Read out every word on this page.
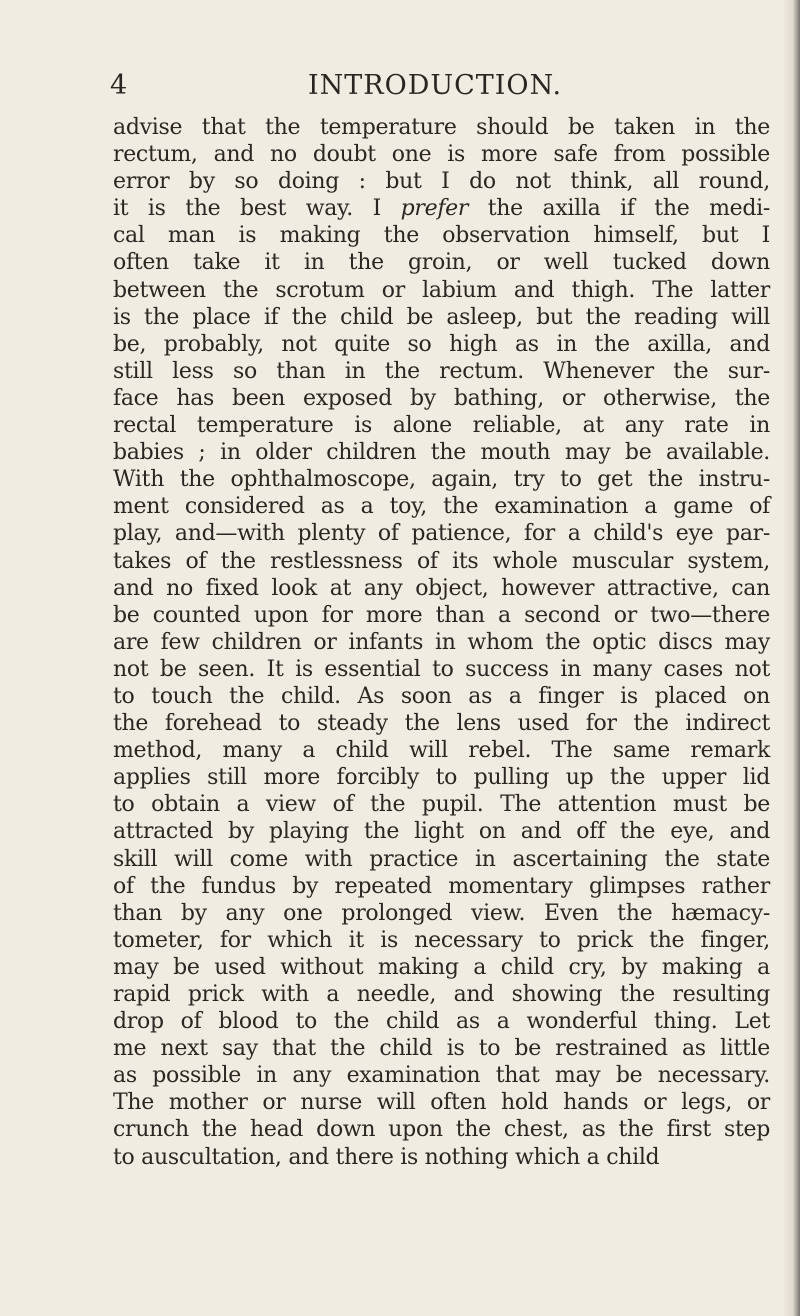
4	INTRODUCTION.
advise that the temperature should be taken in the
rectum, and no doubt one is more safe from possible
error by so doing : but I do not think, all round,
it is the best way. I prefer the axilla if the medi-
cal man is making the observation himself, but I
often take it in the groin, or well tucked down
between the scrotum or labium and thigh. The latter
is the place if the child be asleep, but the reading will
be, probably, not quite so high as in the axilla, and
still less so than in the rectum. Whenever the sur-
face has been exposed by bathing, or otherwise, the
rectal temperature is alone reliable, at any rate in
babies ; in older children the mouth may be available.
With the ophthalmoscope, again, try to get the instru-
ment considered as a toy, the examination a game of
play, and—with plenty of patience, for a child's eye par-
takes of the restlessness of its whole muscular system,
and no fixed look at any object, however attractive, can
be counted upon for more than a second or two—there
are few children or infants in whom the optic discs may
not be seen. It is essential to success in many cases not
to touch the child. As soon as a finger is placed on
the forehead to steady the lens used for the indirect
method, many a child will rebel. The same remark
applies still more forcibly to pulling up the upper lid
to obtain a view of the pupil. The attention must be
attracted by playing the light on and off the eye, and
skill will come with practice in ascertaining the state
of the fundus by repeated momentary glimpses rather
than by any one prolonged view. Even the hæmacy-
tometer, for which it is necessary to prick the finger,
may be used without making a child cry, by making a
rapid prick with a needle, and showing the resulting
drop of blood to the child as a wonderful thing. Let
me next say that the child is to be restrained as little
as possible in any examination that may be necessary.
The mother or nurse will often hold hands or legs, or
crunch the head down upon the chest, as the first step
to auscultation, and there is nothing which a child
